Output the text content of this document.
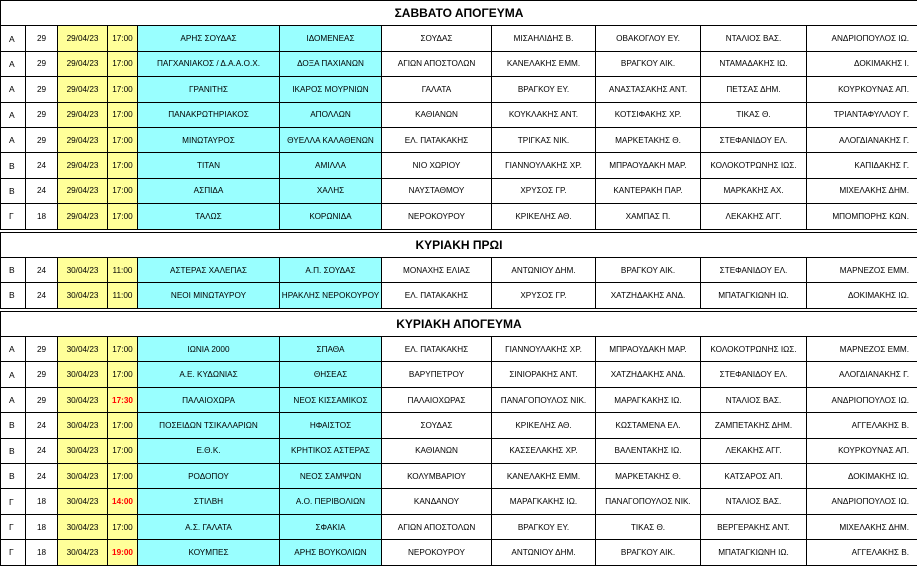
ΣΑΒΒΑΤΟ ΑΠΟΓΕΥΜΑ										
Α	29	29/04/23	17:00	ΑΡΗΣ ΣΟΥΔΑΣ	ΙΔΟΜΕΝΕΑΣ	ΣΟΥΔΑΣ	ΜΙΣΑΗΛΙΔΗΣ Β.	ΟΒΑΚΟΓΛΟΥ ΕΥ.	ΝΤΑΛΙΟΣ ΒΑΣ.	ΑΝΔΡΙΟΠΟΥΛΟΣ ΙΩ.
Α	29	29/04/23	17:00	ΠΑΓΧΑΝΙΑΚΟΣ / Δ.Α.Α.Ο.Χ.	ΔΟΞΑ ΠΑΧΙΑΝΩΝ	ΑΓΙΩΝ ΑΠΟΣΤΟΛΩΝ	ΚΑΝΕΛΑΚΗΣ ΕΜΜ.	ΒΡΑΓΚΟΥ ΑΙΚ.	ΝΤΑΜΑΔΑΚΗΣ ΙΩ.	ΔΟΚΙΜΑΚΗΣ Ι.
Α	29	29/04/23	17:00	ΓΡΑΝΙΤΗΣ	ΙΚΑΡΟΣ ΜΟΥΡΝΙΩΝ	ΓΑΛΑΤΑ	ΒΡΑΓΚΟΥ ΕΥ.	ΑΝΑΣΤΑΣΑΚΗΣ ΑΝΤ.	ΠΕΤΣΑΣ ΔΗΜ.	ΚΟΥΡΚΟΥΝΑΣ ΑΠ.
Α	29	29/04/23	17:00	ΠΑΝΑΚΡΩΤΗΡΙΑΚΟΣ	ΑΠΟΛΛΩΝ	ΚΑΘΙΑΝΩΝ	ΚΟΥΚΛΑΚΗΣ ΑΝΤ.	ΚΟΤΣΙΦΑΚΗΣ ΧΡ.	ΤΙΚΑΣ Θ.	ΤΡΙΑΝΤΑΦΥΛΛΟΥ Γ.
Α	29	29/04/23	17:00	ΜΙΝΩΤΑΥΡΟΣ	ΘΥΕΛΛΑ ΚΑΛΑΘΕΝΩΝ	ΕΛ. ΠΑΤΑΚΑΚΗΣ	ΤΡΙΓΚΑΣ ΝΙΚ.	ΜΑΡΚΕΤΑΚΗΣ Θ.	ΣΤΕΦΑΝΙΔΟΥ ΕΛ.	ΑΛΟΓΔΙΑΝΑΚΗΣ Γ.
Β	24	29/04/23	17:00	ΤΙΤΑΝ	ΑΜΙΛΛΑ	ΝΙΟ ΧΩΡΙΟΥ	ΓΙΑΝΝΟΥΛΑΚΗΣ ΧΡ.	ΜΠΡΑΟΥΔΑΚΗ ΜΑΡ.	ΚΟΛΟΚΟΤΡΩΝΗΣ ΙΩΣ.	ΚΑΠΙΔΑΚΗΣ Γ.
Β	24	29/04/23	17:00	ΑΣΠΙΔΑ	ΧΑΛΗΣ	ΝΑΥΣΤΑΘΜΟΥ	ΧΡΥΣΟΣ ΓΡ.	ΚΑΝΤΕΡΑΚΗ ΠΑΡ.	ΜΑΡΚΑΚΗΣ ΑΧ.	ΜΙΧΕΛΑΚΗΣ ΔΗΜ.
Γ	18	29/04/23	17:00	ΤΑΛΩΣ	ΚΟΡΩΝΙΔΑ	ΝΕΡΟΚΟΥΡΟΥ	ΚΡΙΚΕΛΗΣ ΑΘ.	ΧΑΜΠΑΣ Π.	ΛΕΚΑΚΗΣ ΑΓΓ.	ΜΠΟΜΠΟΡΗΣ ΚΩΝ.

ΚΥΡΙΑΚΗ ΠΡΩΙ										
Β	24	30/04/23	11:00	ΑΣΤΕΡΑΣ ΧΑΛΕΠΑΣ	Α.Π. ΣΟΥΔΑΣ	ΜΟΝΑΧΗΣ ΕΛΙΑΣ	ΑΝΤΩΝΙΟΥ ΔΗΜ.	ΒΡΑΓΚΟΥ ΑΙΚ.	ΣΤΕΦΑΝΙΔΟΥ ΕΛ.	ΜΑΡΝΕΖΟΣ ΕΜΜ.
Β	24	30/04/23	11:00	ΝΕΟΙ ΜΙΝΩΤΑΥΡΟΥ	ΗΡΑΚΛΗΣ ΝΕΡΟΚΟΥΡΟΥ	ΕΛ. ΠΑΤΑΚΑΚΗΣ	ΧΡΥΣΟΣ ΓΡ.	ΧΑΤΖΗΔΑΚΗΣ ΑΝΔ.	ΜΠΑΤΑΓΚΙΩΝΗ ΙΩ.	ΔΟΚΙΜΑΚΗΣ ΙΩ.

ΚΥΡΙΑΚΗ ΑΠΟΓΕΥΜΑ										
Α	29	30/04/23	17:00	ΙΩΝΙΑ 2000	ΣΠΑΘΑ	ΕΛ. ΠΑΤΑΚΑΚΗΣ	ΓΙΑΝΝΟΥΛΑΚΗΣ ΧΡ.	ΜΠΡΑΟΥΔΑΚΗ ΜΑΡ.	ΚΟΛΟΚΟΤΡΩΝΗΣ ΙΩΣ.	ΜΑΡΝΕΖΟΣ ΕΜΜ.
Α	29	30/04/23	17:00	Α.Ε. ΚΥΔΩΝΙΑΣ	ΘΗΣΕΑΣ	ΒΑΡΥΠΕΤΡΟΥ	ΣΙΝΙΟΡΑΚΗΣ ΑΝΤ.	ΧΑΤΖΗΔΑΚΗΣ ΑΝΔ.	ΣΤΕΦΑΝΙΔΟΥ ΕΛ.	ΑΛΟΓΔΙΑΝΑΚΗΣ Γ.
Α	29	30/04/23	17:30	ΠΑΛΑΙΟΧΩΡΑ	ΝΕΟΣ ΚΙΣΣΑΜΙΚΟΣ	ΠΑΛΑΙΟΧΩΡΑΣ	ΠΑΝΑΓΟΠΟΥΛΟΣ ΝΙΚ.	ΜΑΡΑΓΚΑΚΗΣ ΙΩ.	ΝΤΑΛΙΟΣ ΒΑΣ.	ΑΝΔΡΙΟΠΟΥΛΟΣ ΙΩ.
Β	24	30/04/23	17:00	ΠΟΣΕΙΔΩΝ ΤΣΙΚΑΛΑΡΙΩΝ	ΗΦΑΙΣΤΟΣ	ΣΟΥΔΑΣ	ΚΡΙΚΕΛΗΣ ΑΘ.	ΚΩΣΤΑΜΕΝΑ ΕΛ.	ΖΑΜΠΕΤΑΚΗΣ ΔΗΜ.	ΑΓΓΕΛΑΚΗΣ Β.
Β	24	30/04/23	17:00	Ε.Θ.Κ.	ΚΡΗΤΙΚΟΣ ΑΣΤΕΡΑΣ	ΚΑΘΙΑΝΩΝ	ΚΑΣΣΕΛΑΚΗΣ ΧΡ.	ΒΑΛΕΝΤΑΚΗΣ ΙΩ.	ΛΕΚΑΚΗΣ ΑΓΓ.	ΚΟΥΡΚΟΥΝΑΣ ΑΠ.
Β	24	30/04/23	17:00	ΡΟΔΟΠΟΥ	ΝΕΟΣ ΣΑΜΨΩΝ	ΚΟΛΥΜΒΑΡΙΟΥ	ΚΑΝΕΛΑΚΗΣ ΕΜΜ.	ΜΑΡΚΕΤΑΚΗΣ Θ.	ΚΑΤΣΑΡΟΣ ΑΠ.	ΔΟΚΙΜΑΚΗΣ ΙΩ.
Γ	18	30/04/23	14:00	ΣΤΙΛΒΗ	Α.Ο. ΠΕΡΙΒΟΛΙΩΝ	ΚΑΝΔΑΝΟΥ	ΜΑΡΑΓΚΑΚΗΣ ΙΩ.	ΠΑΝΑΓΟΠΟΥΛΟΣ ΝΙΚ.	ΝΤΑΛΙΟΣ ΒΑΣ.	ΑΝΔΡΙΟΠΟΥΛΟΣ ΙΩ.
Γ	18	30/04/23	17:00	Α.Σ. ΓΑΛΑΤΑ	ΣΦΑΚΙΑ	ΑΓΙΩΝ ΑΠΟΣΤΟΛΩΝ	ΒΡΑΓΚΟΥ ΕΥ.	ΤΙΚΑΣ Θ.	ΒΕΡΓΕΡΑΚΗΣ ΑΝΤ.	ΜΙΧΕΛΑΚΗΣ ΔΗΜ.
Γ	18	30/04/23	19:00	ΚΟΥΜΠΕΣ	ΑΡΗΣ ΒΟΥΚΟΛΙΩΝ	ΝΕΡΟΚΟΥΡΟΥ	ΑΝΤΩΝΙΟΥ ΔΗΜ.	ΒΡΑΓΚΟΥ ΑΙΚ.	ΜΠΑΤΑΓΚΙΩΝΗ ΙΩ.	ΑΓΓΕΛΑΚΗΣ Β.
